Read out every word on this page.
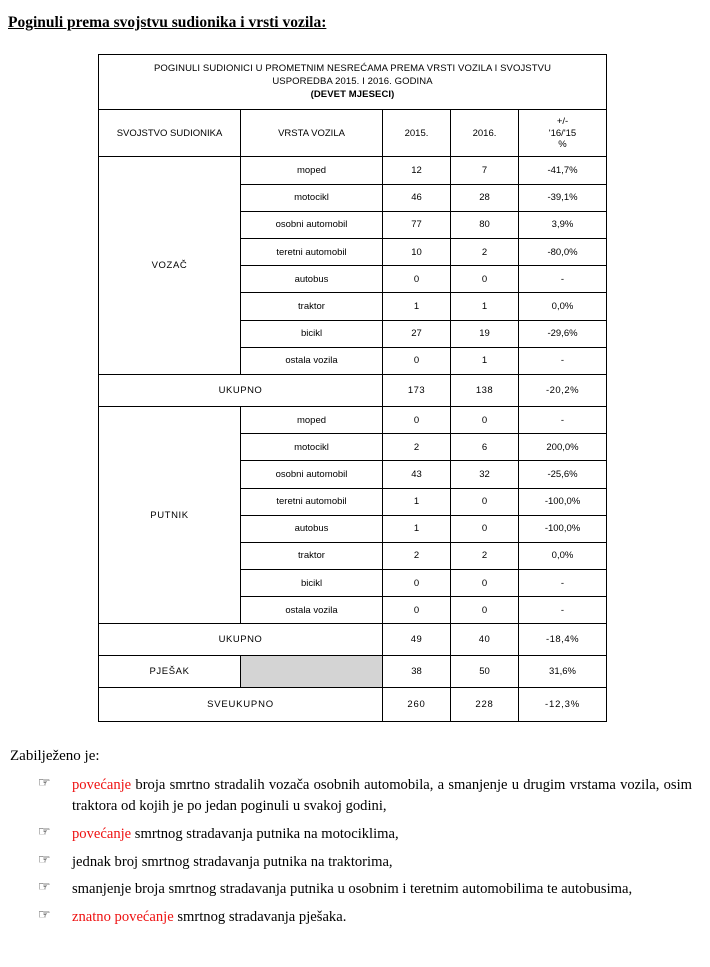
Poginuli prema svojstvu sudionika i vrsti vozila:
POGINULI SUDIONICI U PROMETNIM NESREĆAMA PREMA VRSTI VOZILA I SVOJSTVU
USPOREDBA 2015. I 2016. GODINA
(DEVET MJESECI)				

SVOJSTVO SUDIONIKA	VRSTA VOZILA	2015.	2016.	+/-
'16/'15
%

VOZAČ	moped	12	7	-41,7%
	motocikl	46	28	-39,1%
	osobni automobil	77	80	3,9%
	teretni automobil	10	2	-80,0%
	autobus	0	0	-
	traktor	1	1	0,0%
	bicikl	27	19	-29,6%
	ostala vozila	0	1	-
UKUPNO		173	138	-20,2%
PUTNIK	moped	0	0	-
	motocikl	2	6	200,0%
	osobni automobil	43	32	-25,6%
	teretni automobil	1	0	-100,0%
	autobus	1	0	-100,0%
	traktor	2	2	0,0%
	bicikl	0	0	-
	ostala vozila	0	0	-
UKUPNO		49	40	-18,4%
PJEŠAK		38	50	31,6%
SVEUKUPNO		260	228	-12,3%
Zabilježeno je:
☞ povećanje broja smrtno stradalih vozača osobnih automobila, a smanjenje u drugim vrstama vozila, osim traktora od kojih je po jedan poginuli u svakoj godini,
☞ povećanje smrtnog stradavanja putnika na motociklima,
☞ jednak broj smrtnog stradavanja putnika na traktorima,
☞ smanjenje broja smrtnog stradavanja putnika u osobnim i teretnim automobilima te autobusima,
☞ znatno povećanje smrtnog stradavanja pješaka.
